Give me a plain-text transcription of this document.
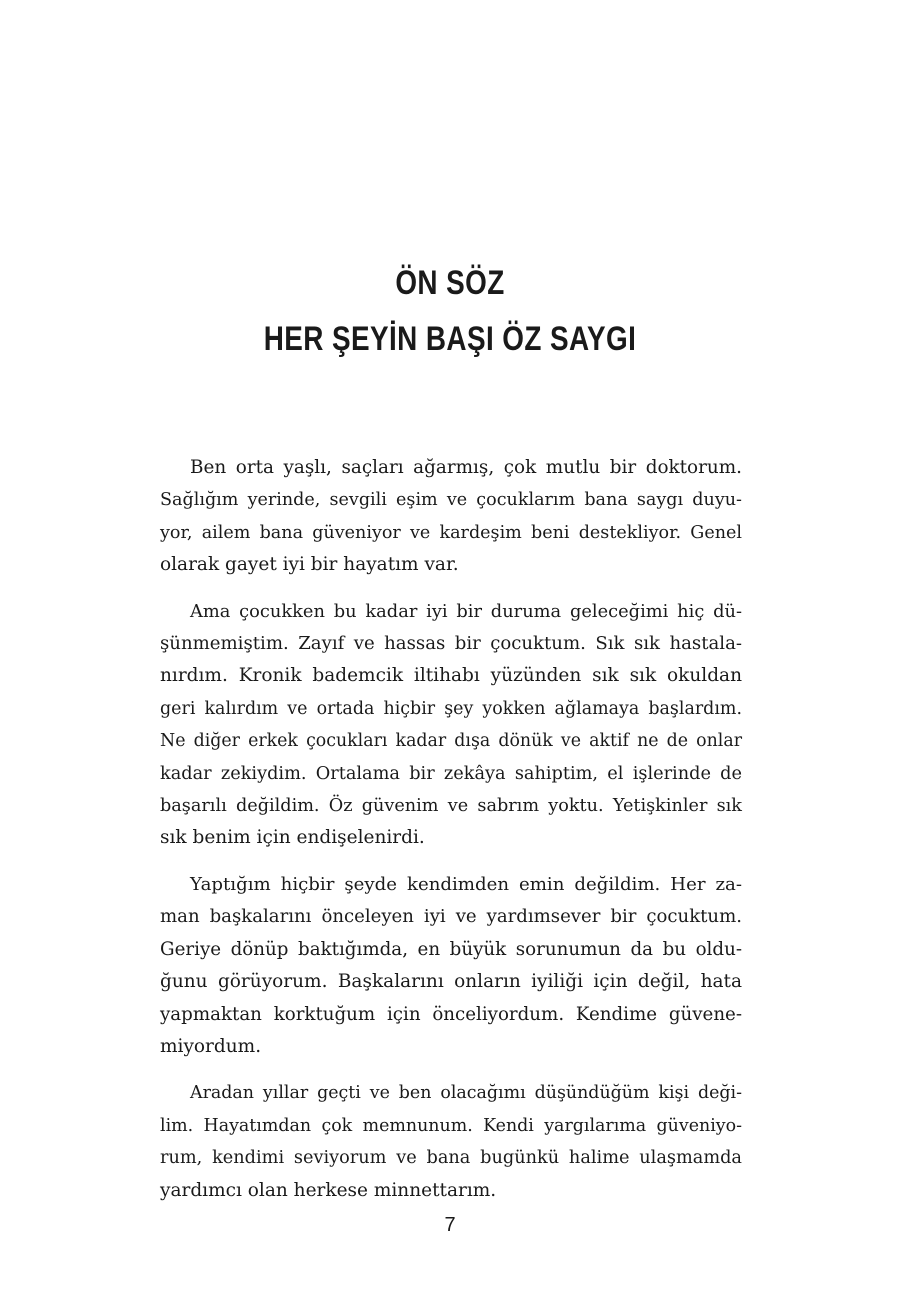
ÖN SÖZ
HER ŞEYİN BAŞI ÖZ SAYGI

Ben orta yaşlı, saçları ağarmış, çok mutlu bir doktorum.
Sağlığım yerinde, sevgili eşim ve çocuklarım bana saygı duyu-
yor, ailem bana güveniyor ve kardeşim beni destekliyor. Genel
olarak gayet iyi bir hayatım var.

Ama çocukken bu kadar iyi bir duruma geleceğimi hiç dü-
şünmemiştim. Zayıf ve hassas bir çocuktum. Sık sık hastala-
nırdım. Kronik bademcik iltihabı yüzünden sık sık okuldan
geri kalırdım ve ortada hiçbir şey yokken ağlamaya başlardım.
Ne diğer erkek çocukları kadar dışa dönük ve aktif ne de onlar
kadar zekiydim. Ortalama bir zekâya sahiptim, el işlerinde de
başarılı değildim. Öz güvenim ve sabrım yoktu. Yetişkinler sık
sık benim için endişelenirdi.

Yaptığım hiçbir şeyde kendimden emin değildim. Her za-
man başkalarını önceleyen iyi ve yardımsever bir çocuktum.
Geriye dönüp baktığımda, en büyük sorunumun da bu oldu-
ğunu görüyorum. Başkalarını onların iyiliği için değil, hata
yapmaktan korktuğum için önceliyordum. Kendime güvene-
miyordum.

Aradan yıllar geçti ve ben olacağımı düşündüğüm kişi deği-
lim. Hayatımdan çok memnunum. Kendi yargılarıma güveniyo-
rum, kendimi seviyorum ve bana bugünkü halime ulaşmamda
yardımcı olan herkese minnettarım.

7
